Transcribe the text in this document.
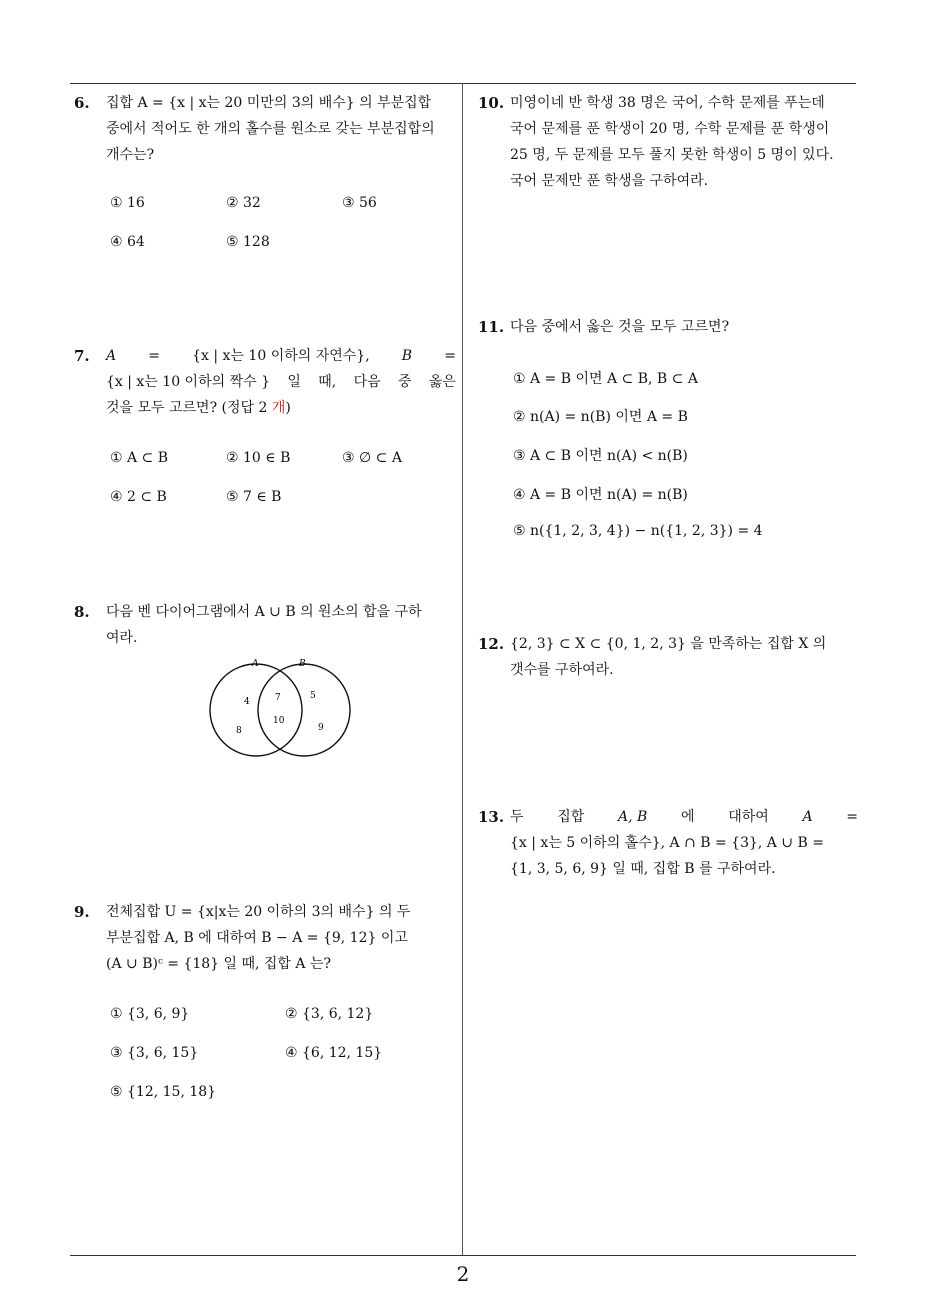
6. 집합 A = {x | x는 20 미만의 3의 배수} 의 부분집합
중에서 적어도 한 개의 홀수를 원소로 갖는 부분집합의
개수는?
① 16	② 32	③ 56
④ 64	⑤ 128
7. A = {x | x는 10 이하의 자연수}, B =
{x | x는 10 이하의 짝수 } 일 때, 다음 중 옳은
것을 모두 고르면? (정답 2 개)
① A ⊂ B	② 10 ∈ B	③ ∅ ⊂ A
④ 2 ⊂ B	⑤ 7 ∈ B
8. 다음 벤 다이어그램에서 A ∪ B 의 원소의 합을 구하
여라.
A	B
4
8
7
10
5
9
9. 전체집합 U = {x|x는 20 이하의 3의 배수} 의 두
부분집합 A, B 에 대하여 B − A = {9, 12} 이고
(A ∪ B)ᶜ = {18} 일 때, 집합 A 는?
① {3, 6, 9}	② {3, 6, 12}
③ {3, 6, 15}	④ {6, 12, 15}
⑤ {12, 15, 18}
10. 미영이네 반 학생 38 명은 국어, 수학 문제를 푸는데
국어 문제를 푼 학생이 20 명, 수학 문제를 푼 학생이
25 명, 두 문제를 모두 풀지 못한 학생이 5 명이 있다.
국어 문제만 푼 학생을 구하여라.
11. 다음 중에서 옳은 것을 모두 고르면?
① A = B 이면 A ⊂ B, B ⊂ A
② n(A) = n(B) 이면 A = B
③ A ⊂ B 이면 n(A) < n(B)
④ A = B 이면 n(A) = n(B)
⑤ n({1, 2, 3, 4}) − n({1, 2, 3}) = 4
12. {2, 3} ⊂ X ⊂ {0, 1, 2, 3} 을 만족하는 집합 X 의
갯수를 구하여라.
13. 두 집합 A, B 에 대하여 A =
{x | x는 5 이하의 홀수}, A ∩ B = {3}, A ∪ B =
{1, 3, 5, 6, 9} 일 때, 집합 B 를 구하여라.
2
